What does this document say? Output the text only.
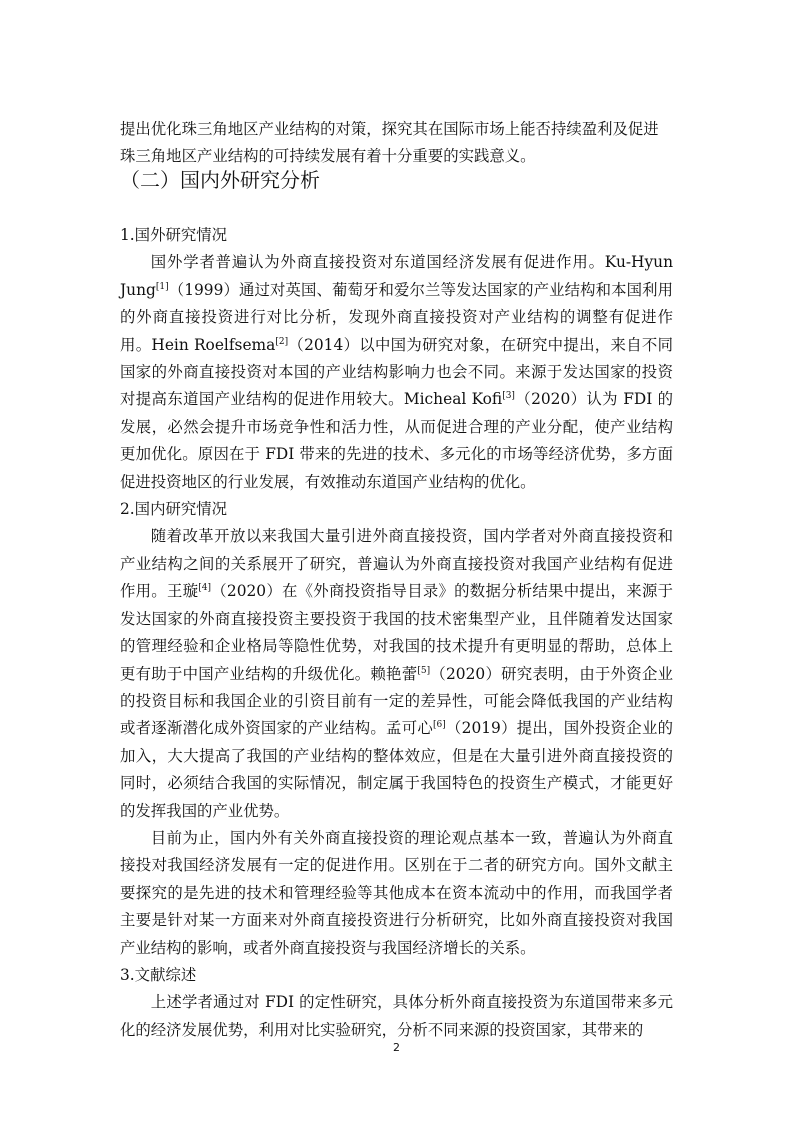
提出优化珠三角地区产业结构的对策，探究其在国际市场上能否持续盈利及促进

珠三角地区产业结构的可持续发展有着十分重要的实践意义。

（二）国内外研究分析

1.国外研究情况

国外学者普遍认为外商直接投资对东道国经济发展有促进作用。Ku-Hyun Jung[1]（1999）通过对英国、葡萄牙和爱尔兰等发达国家的产业结构和本国利用的外商直接投资进行对比分析，发现外商直接投资对产业结构的调整有促进作用。Hein Roelfsema[2]（2014）以中国为研究对象，在研究中提出，来自不同国家的外商直接投资对本国的产业结构影响力也会不同。来源于发达国家的投资对提高东道国产业结构的促进作用较大。Micheal Kofi[3]（2020）认为 FDI 的发展，必然会提升市场竞争性和活力性，从而促进合理的产业分配，使产业结构更加优化。原因在于 FDI 带来的先进的技术、多元化的市场等经济优势，多方面促进投资地区的行业发展，有效推动东道国产业结构的优化。

2.国内研究情况

随着改革开放以来我国大量引进外商直接投资，国内学者对外商直接投资和产业结构之间的关系展开了研究，普遍认为外商直接投资对我国产业结构有促进作用。王璇[4]（2020）在《外商投资指导目录》的数据分析结果中提出，来源于发达国家的外商直接投资主要投资于我国的技术密集型产业，且伴随着发达国家的管理经验和企业格局等隐性优势，对我国的技术提升有更明显的帮助，总体上更有助于中国产业结构的升级优化。赖艳蕾[5]（2020）研究表明，由于外资企业的投资目标和我国企业的引资目前有一定的差异性，可能会降低我国的产业结构或者逐渐潜化成外资国家的产业结构。孟可心[6]（2019）提出，国外投资企业的加入，大大提高了我国的产业结构的整体效应，但是在大量引进外商直接投资的同时，必须结合我国的实际情况，制定属于我国特色的投资生产模式，才能更好的发挥我国的产业优势。

目前为止，国内外有关外商直接投资的理论观点基本一致，普遍认为外商直接投对我国经济发展有一定的促进作用。区别在于二者的研究方向。国外文献主要探究的是先进的技术和管理经验等其他成本在资本流动中的作用，而我国学者主要是针对某一方面来对外商直接投资进行分析研究，比如外商直接投资对我国产业结构的影响，或者外商直接投资与我国经济增长的关系。

3.文献综述

上述学者通过对 FDI 的定性研究，具体分析外商直接投资为东道国带来多元化的经济发展优势，利用对比实验研究，分析不同来源的投资国家，其带来的

2
